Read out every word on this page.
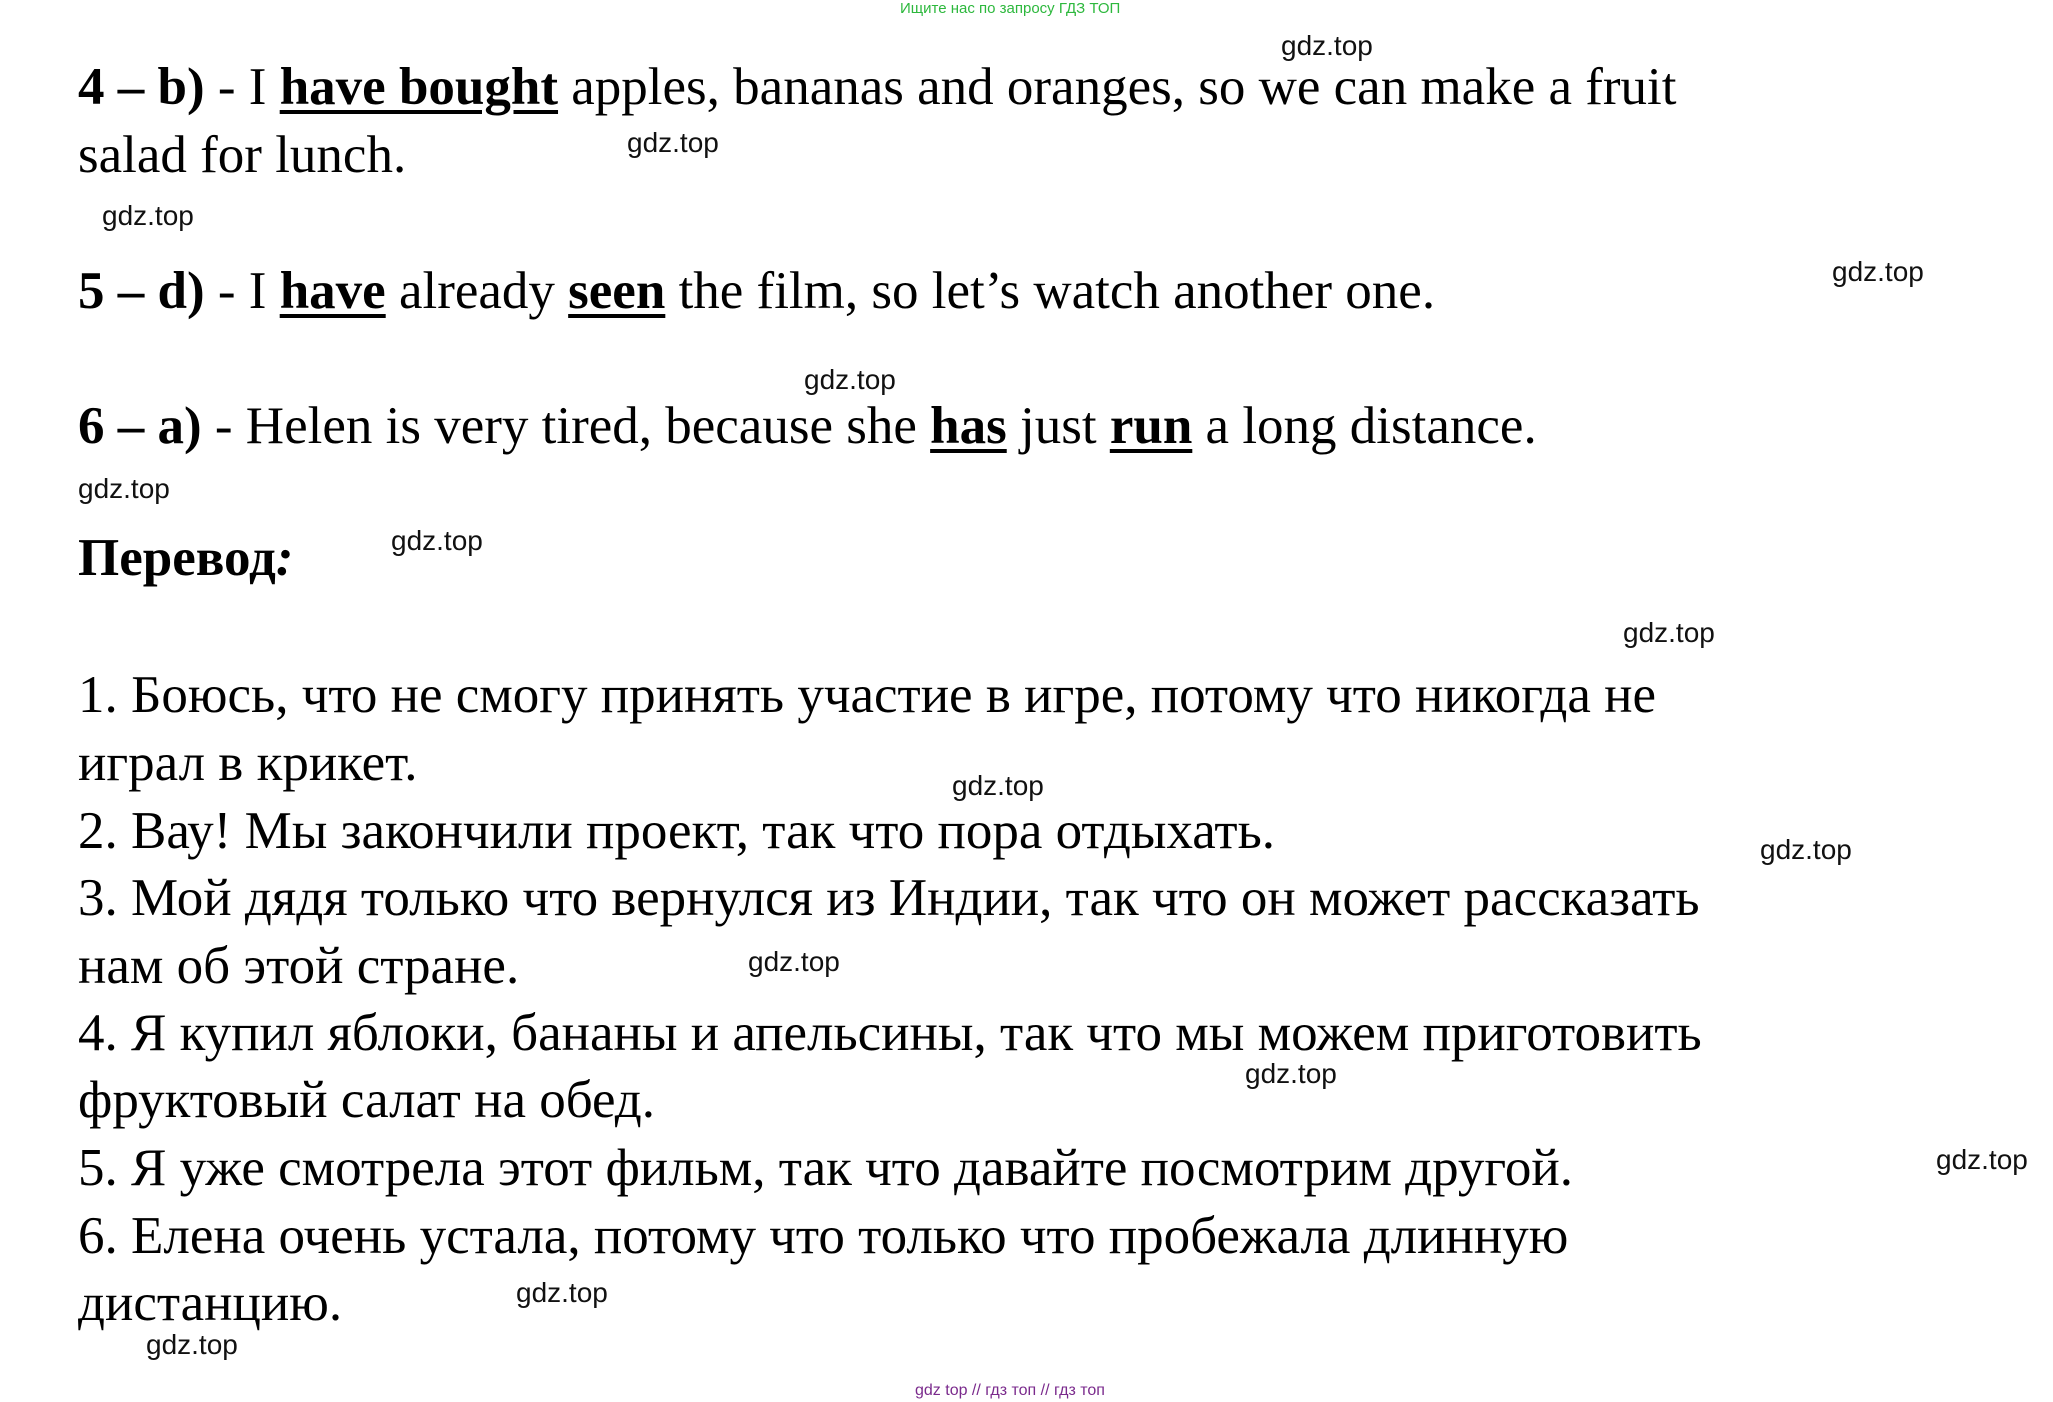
Ищите нас по запросу ГДЗ ТОП
4 – b) - I have bought apples, bananas and oranges, so we can make a fruit
salad for lunch.
5 – d) - I have already seen the film, so let’s watch another one.
6 – a) - Helen is very tired, because she has just run a long distance.
Перевод:
1. Боюсь, что не смогу принять участие в игре, потому что никогда не
играл в крикет.
2. Вау! Мы закончили проект, так что пора отдыхать.
3. Мой дядя только что вернулся из Индии, так что он может рассказать
нам об этой стране.
4. Я купил яблоки, бананы и апельсины, так что мы можем приготовить
фруктовый салат на обед.
5. Я уже смотрела этот фильм, так что давайте посмотрим другой.
6. Елена очень устала, потому что только что пробежала длинную
дистанцию.
gdz.top
gdz.top
gdz.top
gdz.top
gdz.top
gdz.top
gdz.top
gdz.top
gdz.top
gdz.top
gdz.top
gdz.top
gdz.top
gdz.top
gdz.top
gdz top // гдз топ // гдз топ
